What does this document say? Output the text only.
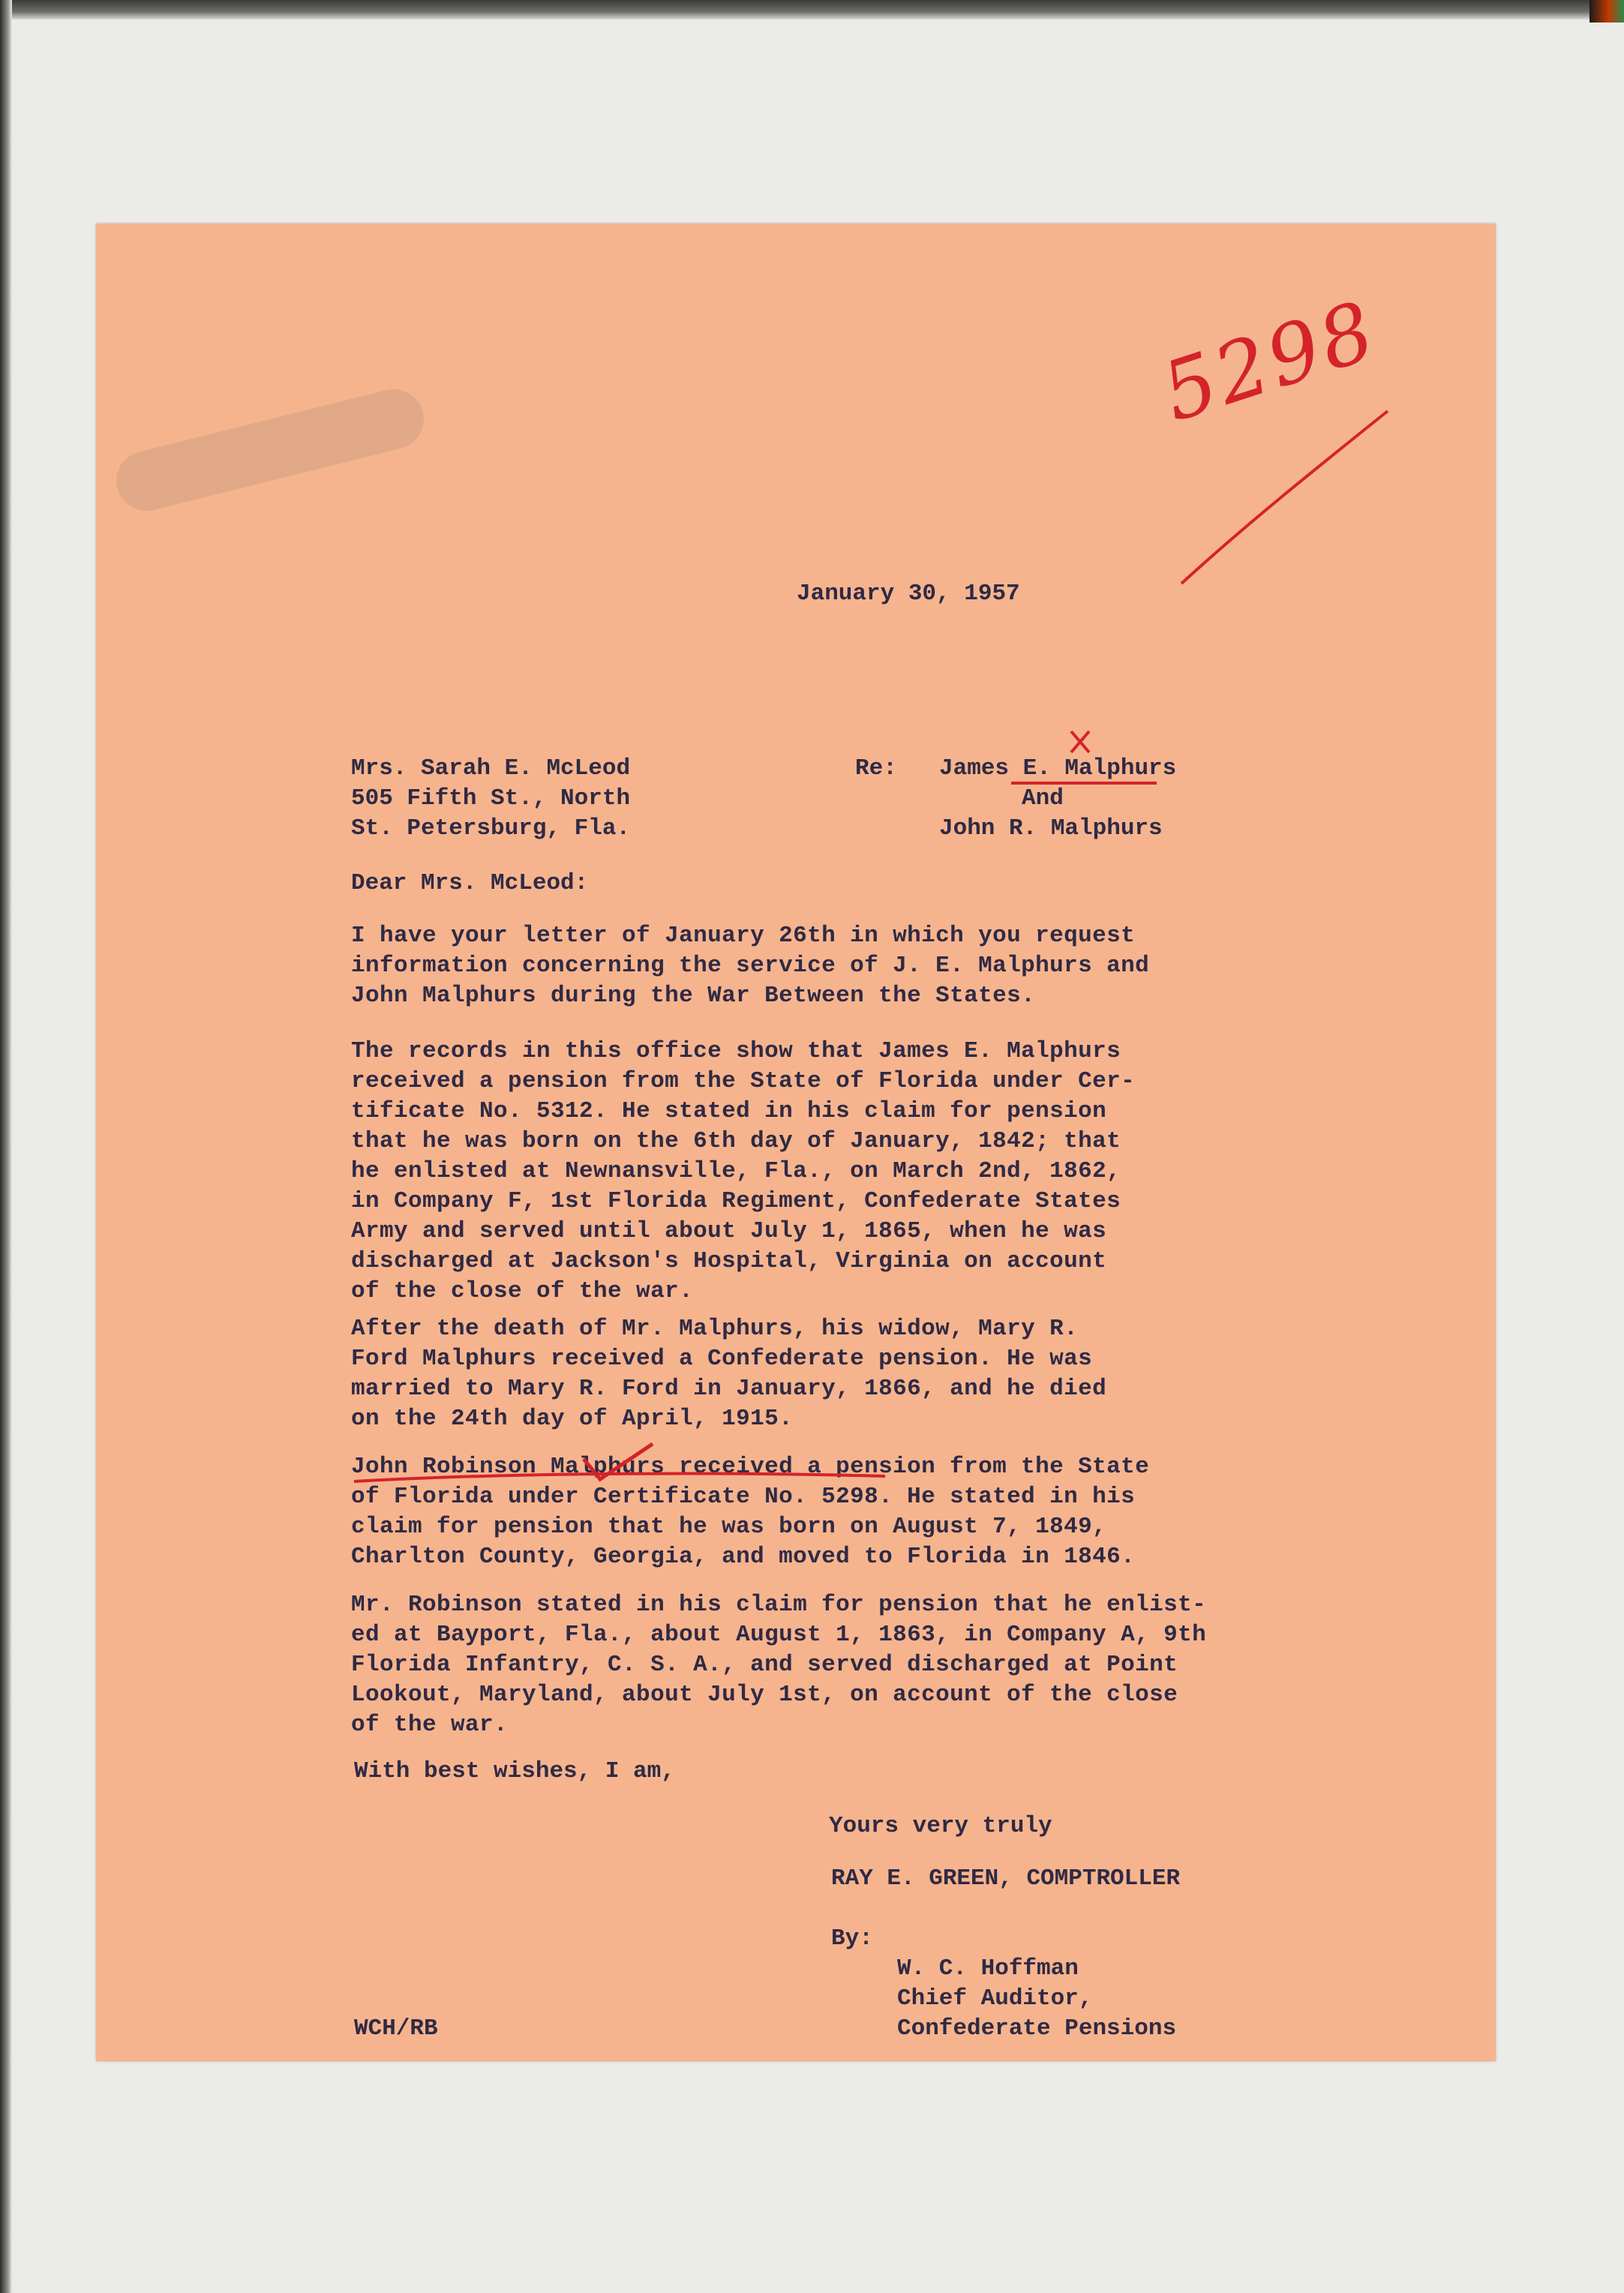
5298

January 30, 1957

Mrs. Sarah E. McLeod

505 Fifth St., North

St. Petersburg, Fla.

Re: James E. Malphurs

And

John R. Malphurs

Dear Mrs. McLeod:

I have your letter of January 26th in which you request
information concerning the service of J. E. Malphurs and
John Malphurs during the War Between the States.

The records in this office show that James E. Malphurs
received a pension from the State of Florida under Cer-
tificate No. 5312. He stated in his claim for pension
that he was born on the 6th day of January, 1842; that
he enlisted at Newnansville, Fla., on March 2nd, 1862,
in Company F, 1st Florida Regiment, Confederate States
Army and served until about July 1, 1865, when he was
discharged at Jackson's Hospital, Virginia on account
of the close of the war.

After the death of Mr. Malphurs, his widow, Mary R.
Ford Malphurs received a Confederate pension. He was
married to Mary R. Ford in January, 1866, and he died
on the 24th day of April, 1915.

John Robinson Malphurs received a pension from the State
of Florida under Certificate No. 5298. He stated in his
claim for pension that he was born on August 7, 1849,
Charlton County, Georgia, and moved to Florida in 1846.

Mr. Robinson stated in his claim for pension that he enlist-
ed at Bayport, Fla., about August 1, 1863, in Company A, 9th
Florida Infantry, C. S. A., and served discharged at Point
Lookout, Maryland, about July 1st, on account of the close
of the war.

With best wishes, I am,

Yours very truly

RAY E. GREEN, COMPTROLLER

By:

W. C. Hoffman

Chief Auditor,

Confederate Pensions

WCH/RB
